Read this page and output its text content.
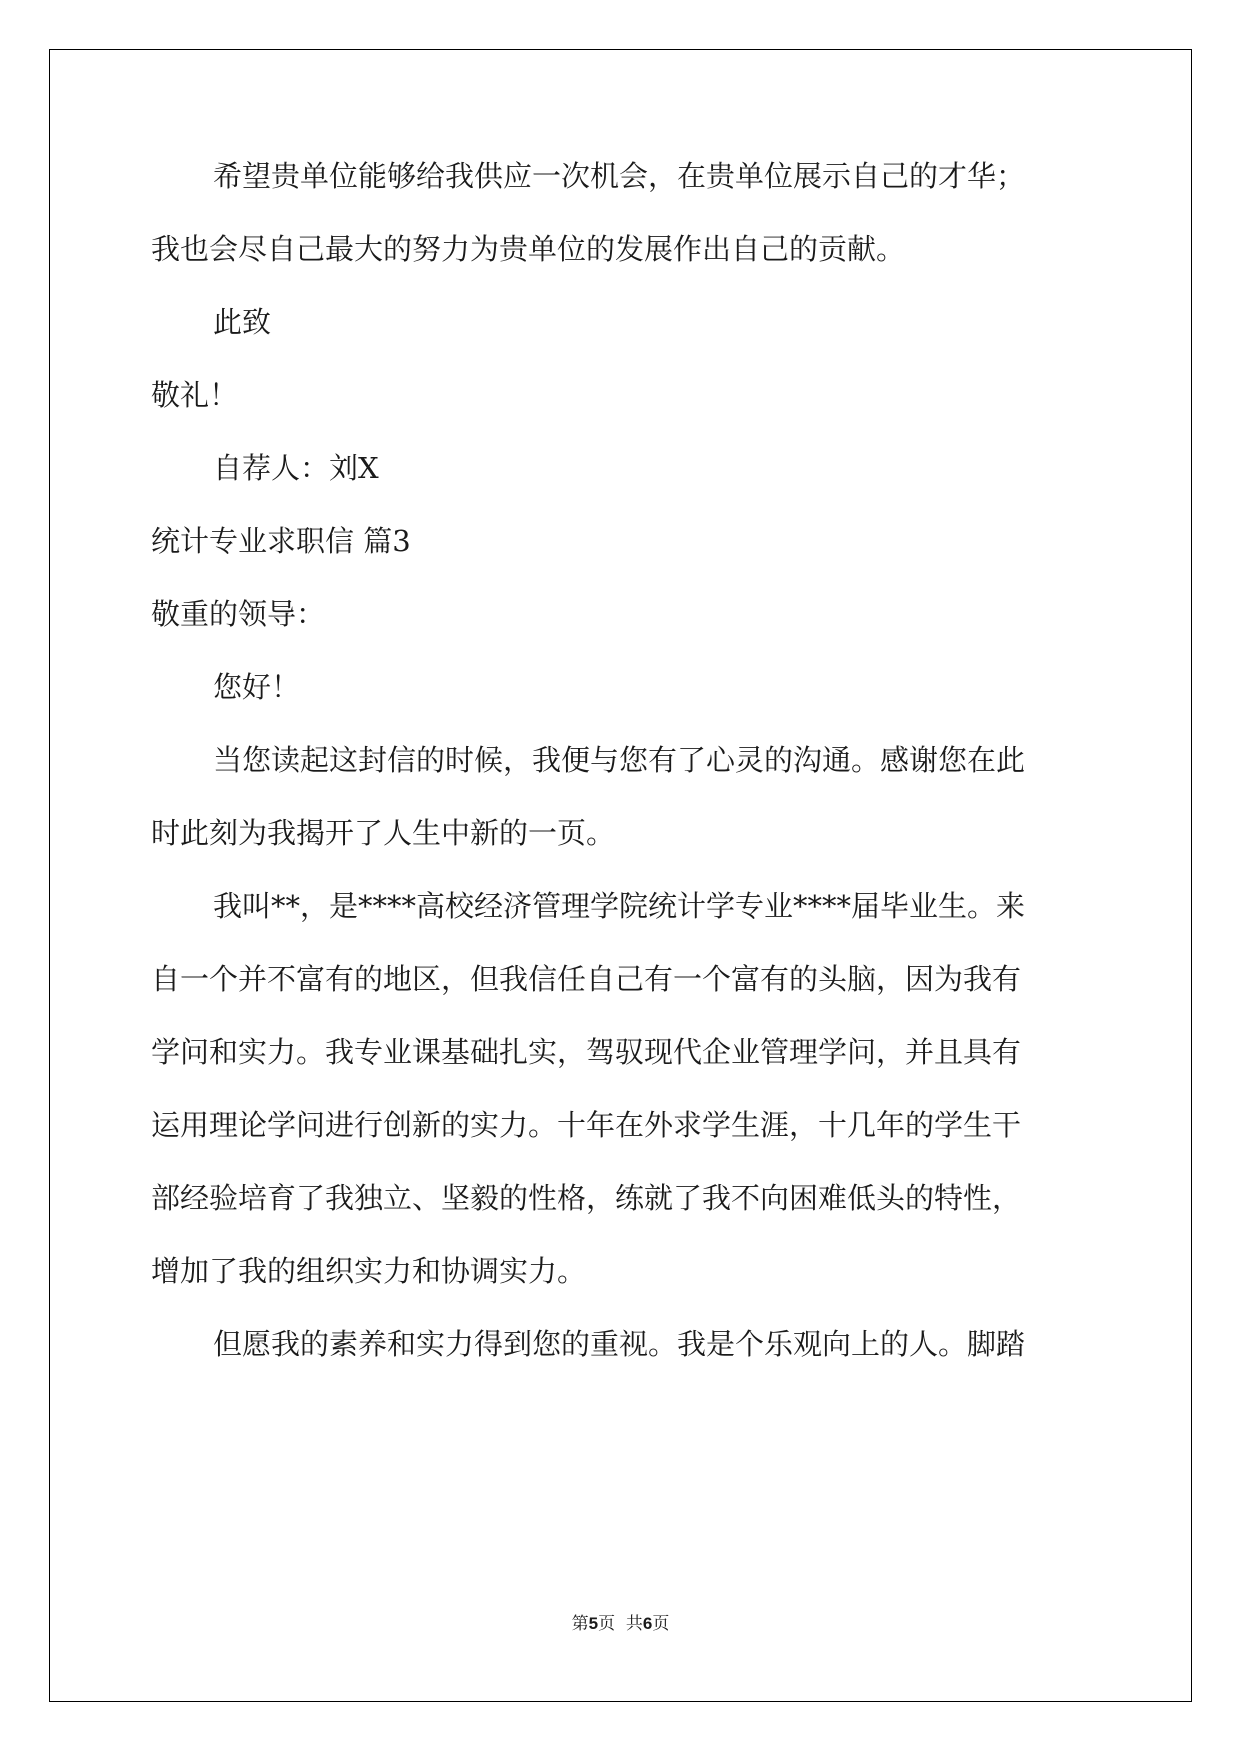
希望贵单位能够给我供应一次机会，在贵单位展示自己的才华；
我也会尽自己最大的努力为贵单位的发展作出自己的贡献。
此致
敬礼！
自荐人：刘X
统计专业求职信 篇3
敬重的领导：
您好！
当您读起这封信的时候，我便与您有了心灵的沟通。感谢您在此
时此刻为我揭开了人生中新的一页。
我叫**，是****高校经济管理学院统计学专业****届毕业生。来
自一个并不富有的地区，但我信任自己有一个富有的头脑，因为我有
学问和实力。我专业课基础扎实，驾驭现代企业管理学问，并且具有
运用理论学问进行创新的实力。十年在外求学生涯，十几年的学生干
部经验培育了我独立、坚毅的性格，练就了我不向困难低头的特性，
增加了我的组织实力和协调实力。
但愿我的素养和实力得到您的重视。我是个乐观向上的人。脚踏
第5页  共6页
